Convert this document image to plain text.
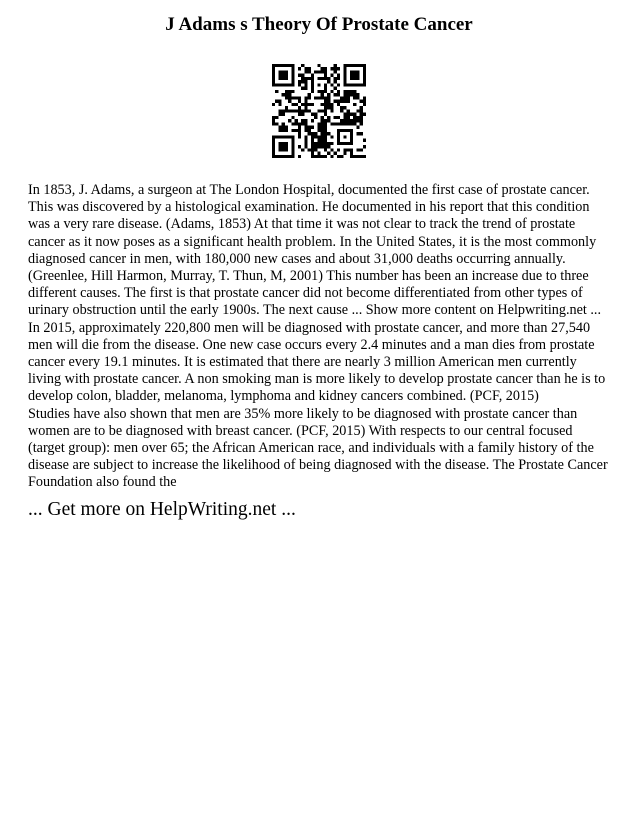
J Adams s Theory Of Prostate Cancer

In 1853, J. Adams, a surgeon at The London Hospital, documented the first case of prostate cancer. This was discovered by a histological examination. He documented in his report that this condition was a very rare disease. (Adams, 1853) At that time it was not clear to track the trend of prostate cancer as it now poses as a significant health problem. In the United States, it is the most commonly diagnosed cancer in men, with 180,000 new cases and about 31,000 deaths occurring annually. (Greenlee, Hill Harmon, Murray, T. Thun, M, 2001) This number has been an increase due to three different causes. The first is that prostate cancer did not become differentiated from other types of urinary obstruction until the early 1900s. The next cause ... Show more content on Helpwriting.net ...

In 2015, approximately 220,800 men will be diagnosed with prostate cancer, and more than 27,540 men will die from the disease. One new case occurs every 2.4 minutes and a man dies from prostate cancer every 19.1 minutes. It is estimated that there are nearly 3 million American men currently living with prostate cancer. A non smoking man is more likely to develop prostate cancer than he is to develop colon, bladder, melanoma, lymphoma and kidney cancers combined. (PCF, 2015)

Studies have also shown that men are 35% more likely to be diagnosed with prostate cancer than women are to be diagnosed with breast cancer. (PCF, 2015) With respects to our central focused (target group): men over 65; the African American race, and individuals with a family history of the disease are subject to increase the likelihood of being diagnosed with the disease. The Prostate Cancer Foundation also found the

... Get more on HelpWriting.net ...
